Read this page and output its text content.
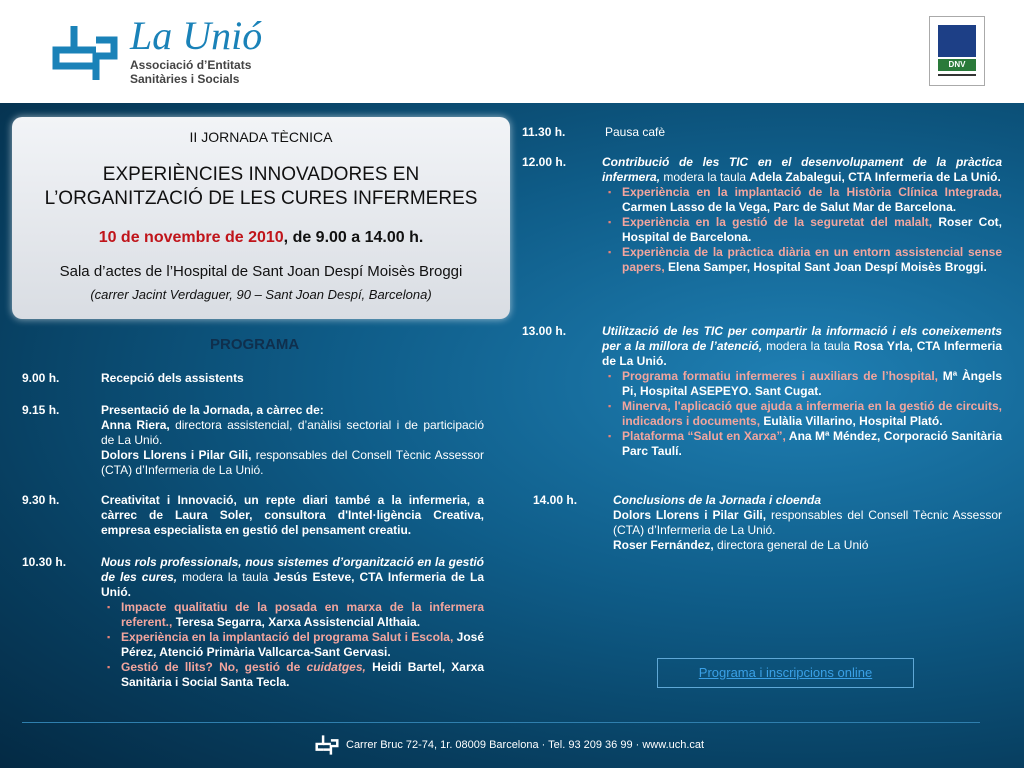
La Unió
Associació d’Entitats
Sanitàries i Socials
DNV
II JORNADA TÈCNICA
EXPERIÈNCIES INNOVADORES EN
L’ORGANITZACIÓ DE LES CURES INFERMERES
10 de novembre de 2010, de 9.00 a 14.00 h.
Sala d’actes de l’Hospital de Sant Joan Despí Moisès Broggi
(carrer Jacint Verdaguer, 90 – Sant Joan Despí, Barcelona)
PROGRAMA
9.00 h.	Recepció dels assistents
9.15 h.	Presentació de la Jornada, a càrrec de:
Anna Riera, directora assistencial, d’anàlisi sectorial i de participació de La Unió.
Dolors Llorens i Pilar Gili, responsables del Consell Tècnic Assessor (CTA) d’Infermeria de La Unió.
9.30 h.	Creativitat i Innovació, un repte diari també a la infermeria, a càrrec de Laura Soler, consultora d'Intel·ligència Creativa, empresa especialista en gestió del pensament creatiu.
10.30 h.	Nous rols professionals, nous sistemes d’organització en la gestió de les cures, modera la taula Jesús Esteve, CTA Infermeria de La Unió.
▪ Impacte qualitatiu de la posada en marxa de la infermera referent., Teresa Segarra, Xarxa Assistencial Althaia.
▪ Experiència en la implantació del programa Salut i Escola, José Pérez, Atenció Primària Vallcarca-Sant Gervasi.
▪ Gestió de llits? No, gestió de cuidatges, Heidi Bartel, Xarxa Sanitària i Social Santa Tecla.
11.30 h.	Pausa cafè
12.00 h.	Contribució de les TIC en el desenvolupament de la pràctica infermera, modera la taula Adela Zabalegui, CTA Infermeria de La Unió.
▪ Experiència en la implantació de la Història Clínica Integrada, Carmen Lasso de la Vega, Parc de Salut Mar de Barcelona.
▪ Experiència en la gestió de la seguretat del malalt, Roser Cot, Hospital de Barcelona.
▪ Experiència de la pràctica diària en un entorn assistencial sense papers, Elena Samper, Hospital Sant Joan Despí Moisès Broggi.
13.00 h.	Utilització de les TIC per compartir la informació i els coneixements per a la millora de l’atenció, modera la taula Rosa Yrla, CTA Infermeria de La Unió.
▪ Programa formatiu infermeres i auxiliars de l’hospital, Mª Àngels Pi, Hospital ASEPEYO. Sant Cugat.
▪ Minerva, l'aplicació que ajuda a infermeria en la gestió de circuits, indicadors i documents, Eulàlia Villarino, Hospital Plató.
▪ Plataforma “Salut en Xarxa”, Ana Mª Méndez, Corporació Sanitària Parc Taulí.
14.00 h.	Conclusions de la Jornada i cloenda
Dolors Llorens i Pilar Gili, responsables del Consell Tècnic Assessor (CTA) d’Infermeria de La Unió.
Roser Fernández, directora general de La Unió
Programa i inscripcions online
Carrer Bruc 72-74, 1r. 08009 Barcelona · Tel. 93 209 36 99 · www.uch.cat
